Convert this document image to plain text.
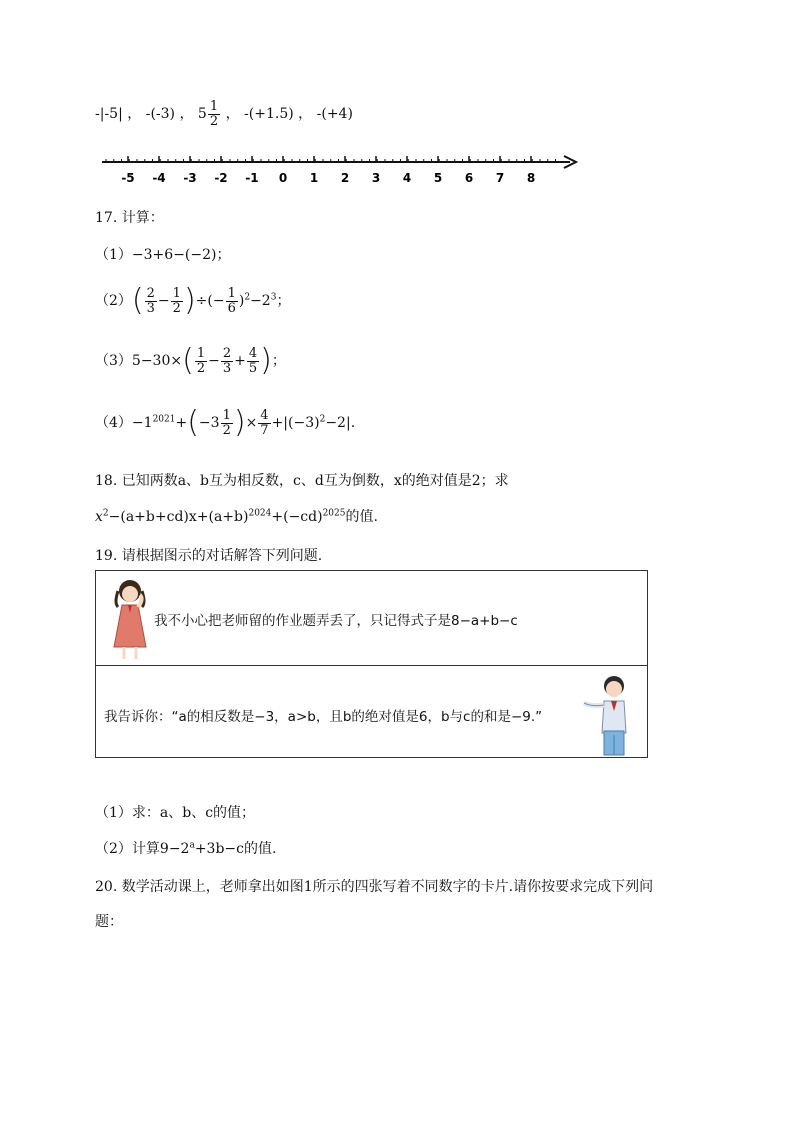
-|-5| ， -(-3) ， $5 \frac{1}{2}$ ， -(+1.5) ， -(+4)
-5 -4 -3 -2 -1 0 1 2 3 4 5 6 7 8
17. 计算：
（1）−3+6−(−2)；
$(2)( \frac{2}{3} - \frac{1}{2}$ )÷(− $\frac{1}{6} )^2-2^3$；
$(3)5-30\times( \frac{1}{2} - \frac{2}{3} + \frac{4}{5}$ )；
$(4)-1^{2021}+(-3 \frac{1}{2}$ )× $\frac{4}{7} +|(-3)^2-2|$.
18. 已知两数a、b互为相反数，c、d互为倒数，x的绝对值是2；求
$x^2-(a+b+cd)x+(a+b)^{2024}+(-cd)^{2025}$的值.
19. 请根据图示的对话解答下列问题.
我不小心把老师留的作业题弄丢了，只记得式子是8−a+b−c
我告诉你：“a的相反数是−3，a>b，且b的绝对值是6，b与c的和是−9.”
（1）求：a、b、c的值；
（2）计算$9-2^a+3b-c$的值.
20. 数学活动课上，老师拿出如图1所示的四张写着不同数字的卡片.请你按要求完成下列问
题：
